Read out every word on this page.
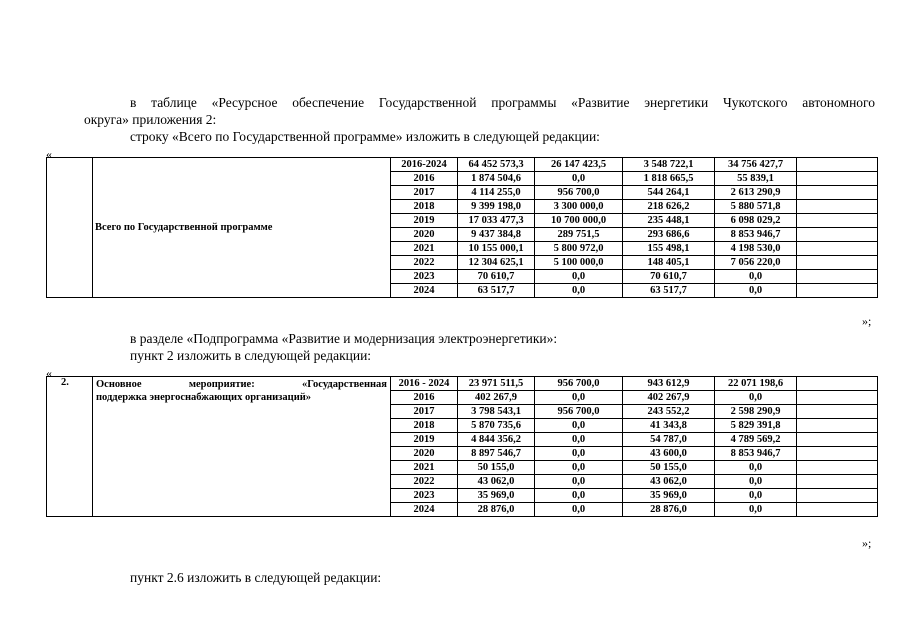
в таблице «Ресурсное обеспечение Государственной программы «Развитие энергетики Чукотского автономного
округа» приложения 2:
строку «Всего по Государственной программе» изложить в следующей редакции:
«
	Всего по Государственной программе	2016-2024	64 452 573,3	26 147 423,5	3 548 722,1	34 756 427,7	
		2016	1 874 504,6	0,0	1 818 665,5	55 839,1	
		2017	4 114 255,0	956 700,0	544 264,1	2 613 290,9	
		2018	9 399 198,0	3 300 000,0	218 626,2	5 880 571,8	
		2019	17 033 477,3	10 700 000,0	235 448,1	6 098 029,2	
		2020	9 437 384,8	289 751,5	293 686,6	8 853 946,7	
		2021	10 155 000,1	5 800 972,0	155 498,1	4 198 530,0	
		2022	12 304 625,1	5 100 000,0	148 405,1	7 056 220,0	
		2023	70 610,7	0,0	70 610,7	0,0	
		2024	63 517,7	0,0	63 517,7	0,0	
»;
в разделе «Подпрограмма «Развитие и модернизация электроэнергетики»:
пункт 2 изложить в следующей редакции:
«
2.	Основное мероприятие: «Государственная
поддержка энергоснабжающих организаций»	2016 - 2024	23 971 511,5	956 700,0	943 612,9	22 071 198,6	
		2016	402 267,9	0,0	402 267,9	0,0	
		2017	3 798 543,1	956 700,0	243 552,2	2 598 290,9	
		2018	5 870 735,6	0,0	41 343,8	5 829 391,8	
		2019	4 844 356,2	0,0	54 787,0	4 789 569,2	
		2020	8 897 546,7	0,0	43 600,0	8 853 946,7	
		2021	50 155,0	0,0	50 155,0	0,0	
		2022	43 062,0	0,0	43 062,0	0,0	
		2023	35 969,0	0,0	35 969,0	0,0	
		2024	28 876,0	0,0	28 876,0	0,0	
»;
пункт 2.6 изложить в следующей редакции:
